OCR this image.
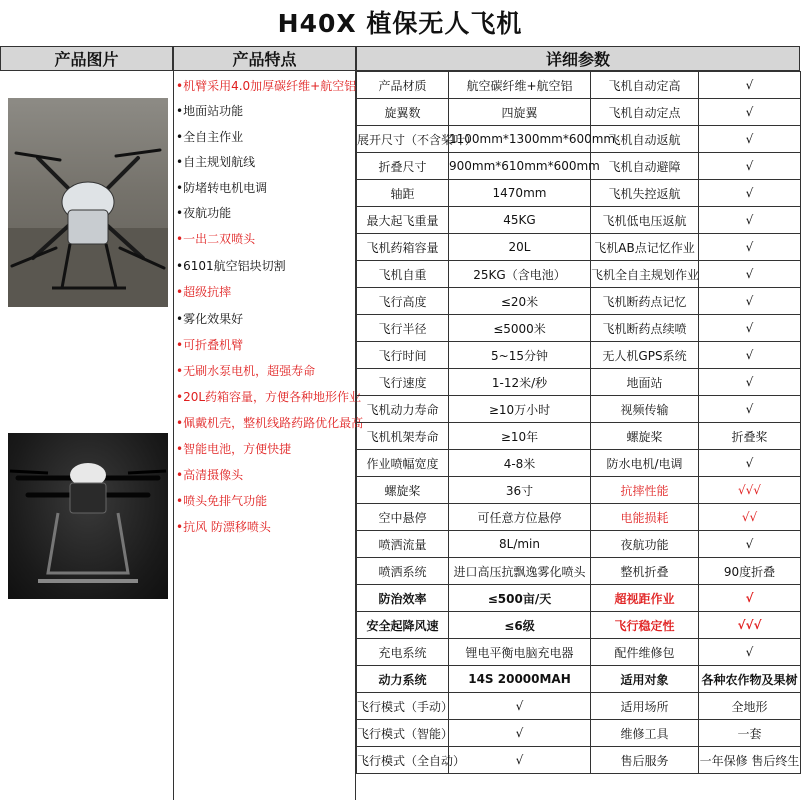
H40X 植保无人飞机
产品图片	产品特点	详细参数
•机臂采用4.0加厚碳纤维+航空铝
•地面站功能
•全自主作业
•自主规划航线
•防堵转电机电调
•夜航功能
•一出二双喷头
•6101航空铝块切割
•超级抗摔
•雾化效果好
•可折叠机臂
•无刷水泵电机，超强寿命
•20L药箱容量，方便各种地形作业
•佩戴机壳，整机线路药路优化最高
•智能电池，方便快捷
•高清摄像头
•喷头免排气功能
•抗风 防漂移喷头
产品材质	航空碳纤维+航空铝	飞机自动定高	√
旋翼数	四旋翼	飞机自动定点	√
展开尺寸（不含桨叶）	1100mm*1300mm*600mm	飞机自动返航	√
折叠尺寸	900mm*610mm*600mm	飞机自动避障	√
轴距	1470mm	飞机失控返航	√
最大起飞重量	45KG	飞机低电压返航	√
飞机药箱容量	20L	飞机AB点记忆作业	√
飞机自重	25KG（含电池）	飞机全自主规划作业	√
飞行高度	≤20米	飞机断药点记忆	√
飞行半径	≤5000米	飞机断药点续喷	√
飞行时间	5~15分钟	无人机GPS系统	√
飞行速度	1-12米/秒	地面站	√
飞机动力寿命	≥10万小时	视频传输	√
飞机机架寿命	≥10年	螺旋桨	折叠桨
作业喷幅宽度	4-8米	防水电机/电调	√
螺旋桨	36寸	抗摔性能	√√√
空中悬停	可任意方位悬停	电能损耗	√√
喷洒流量	8L/min	夜航功能	√
喷洒系统	进口高压抗飘逸雾化喷头	整机折叠	90度折叠
防治效率	≤500亩/天	超视距作业	√
安全起降风速	≤6级	飞行稳定性	√√√
充电系统	锂电平衡电脑充电器	配件维修包	√
动力系统	14S 20000MAH	适用对象	各种农作物及果树
飞行模式（手动）	√	适用场所	全地形
飞行模式（智能）	√	维修工具	一套
飞行模式（全自动）	√	售后服务	一年保修 售后终生
